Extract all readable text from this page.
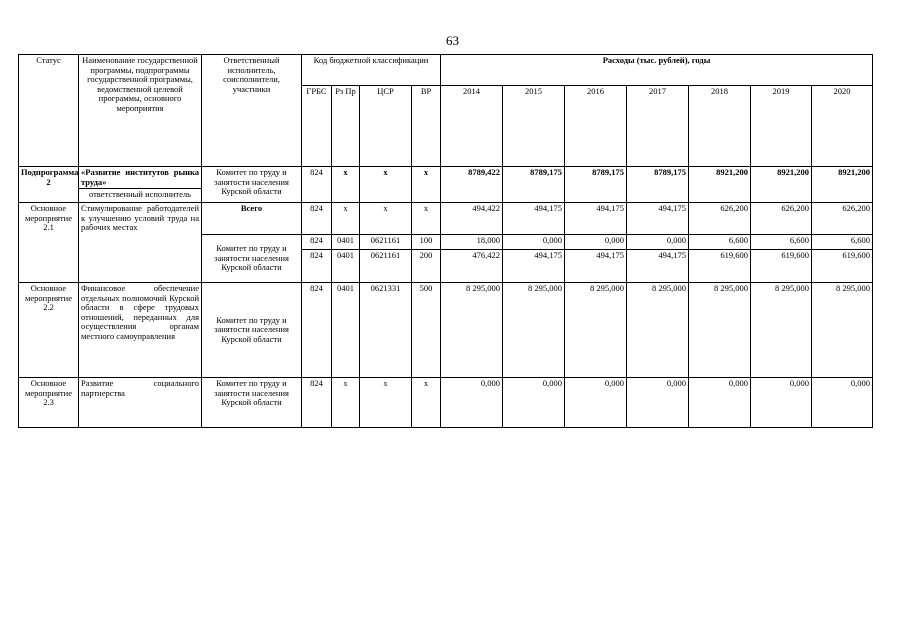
63
Статус	Наименование государственной программы, подпрограммы государственной программы, ведомственной целевой программы, основного мероприятия	Ответственный исполнитель, соисполнители, участники	Код бюджетной классификации				Расходы (тыс. рублей), годы						
			ГРБС	Рз Пр	ЦСР	ВР	2014	2015	2016	2017	2018	2019	2020
Подпрограмма 2	«Развитие институтов рынка труда»	Комитет по труду и занятости населения Курской области	824	х	х	х	8789,422	8789,175	8789,175	8789,175	8921,200	8921,200	8921,200

	ответственный исполнитель												
Основное мероприятие 2.1	Стимулирование работодателей к улучшению условий труда на рабочих местах	Всего	824	х	х	х	494,422	494,175	494,175	494,175	626,200	626,200	626,200

		Комитет по труду и занятости населения Курской области	824	0401	0621161	100	18,000	0,000	0,000	0,000	6,600	6,600	6,600
			824	0401	0621161	200	476,422	494,175	494,175	494,175	619,600	619,600	619,600
Основное мероприятие 2.2	Финансовое обеспечение отдельных полномочий Курской области в сфере трудовых отношений, переданных для осуществления органам местного самоуправления	Комитет по труду и занятости населения Курской области	824	0401	0621331	500	8 295,000	8 295,000	8 295,000	8 295,000	8 295,000	8 295,000	8 295,000
Основное мероприятие 2.3	Развитие социального партнерства	Комитет по труду и занятости населения Курской области	824	х	х	х	0,000	0,000	0,000	0,000	0,000	0,000	0,000
